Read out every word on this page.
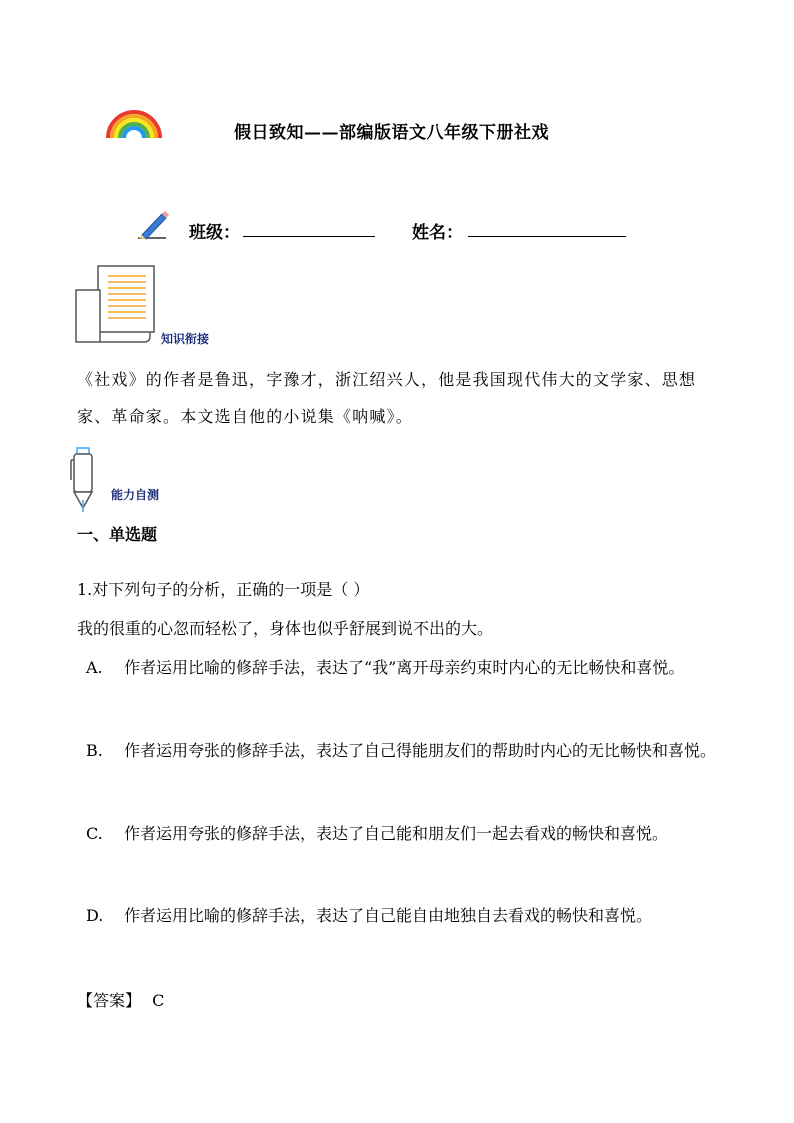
假日致知——部编版语文八年级下册社戏
班级：	姓名：
知识衔接
《社戏》的作者是鲁迅，字豫才，浙江绍兴人，他是我国现代伟大的文学家、思想家、革命家。本文选自他的小说集《呐喊》。
能力自测
一、单选题
1.对下列句子的分析，正确的一项是（ ）
我的很重的心忽而轻松了，身体也似乎舒展到说不出的大。
A. 作者运用比喻的修辞手法，表达了“我”离开母亲约束时内心的无比畅快和喜悦。
B. 作者运用夸张的修辞手法，表达了自己得能朋友们的帮助时内心的无比畅快和喜悦。
C. 作者运用夸张的修辞手法，表达了自己能和朋友们一起去看戏的畅快和喜悦。
D. 作者运用比喻的修辞手法，表达了自己能自由地独自去看戏的畅快和喜悦。
【答案】 C
